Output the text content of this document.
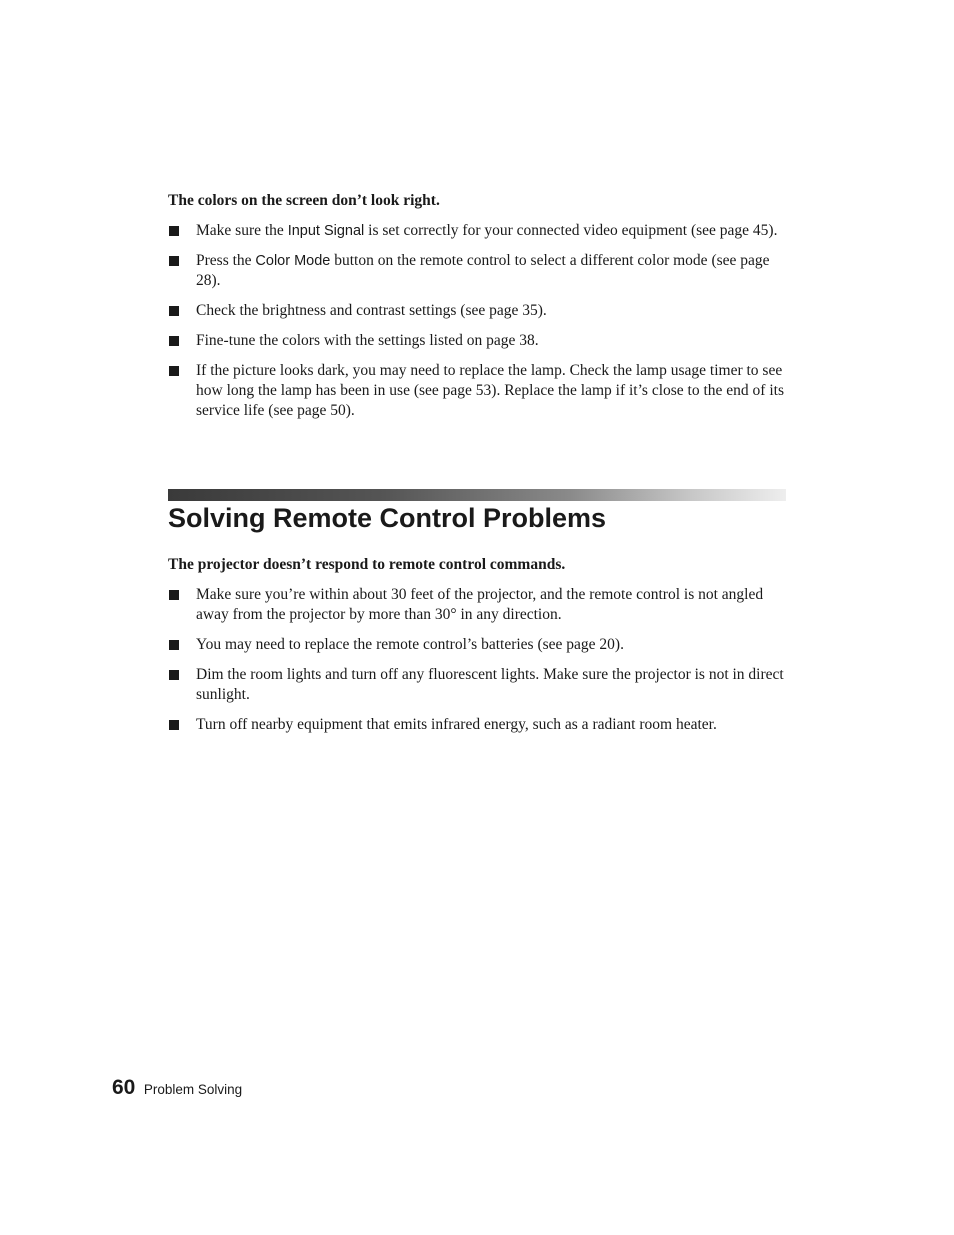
The colors on the screen don’t look right.

Make sure the Input Signal is set correctly for your connected video equipment (see page 45).
Press the Color Mode button on the remote control to select a different color mode (see page 28).
Check the brightness and contrast settings (see page 35).
Fine-tune the colors with the settings listed on page 38.
If the picture looks dark, you may need to replace the lamp. Check the lamp usage timer to see how long the lamp has been in use (see page 53). Replace the lamp if it’s close to the end of its service life (see page 50).
Solving Remote Control Problems

The projector doesn’t respond to remote control commands.

Make sure you’re within about 30 feet of the projector, and the remote control is not angled away from the projector by more than 30° in any direction.
You may need to replace the remote control’s batteries (see page 20).
Dim the room lights and turn off any fluorescent lights. Make sure the projector is not in direct sunlight.
Turn off nearby equipment that emits infrared energy, such as a radiant room heater.
60 Problem Solving
